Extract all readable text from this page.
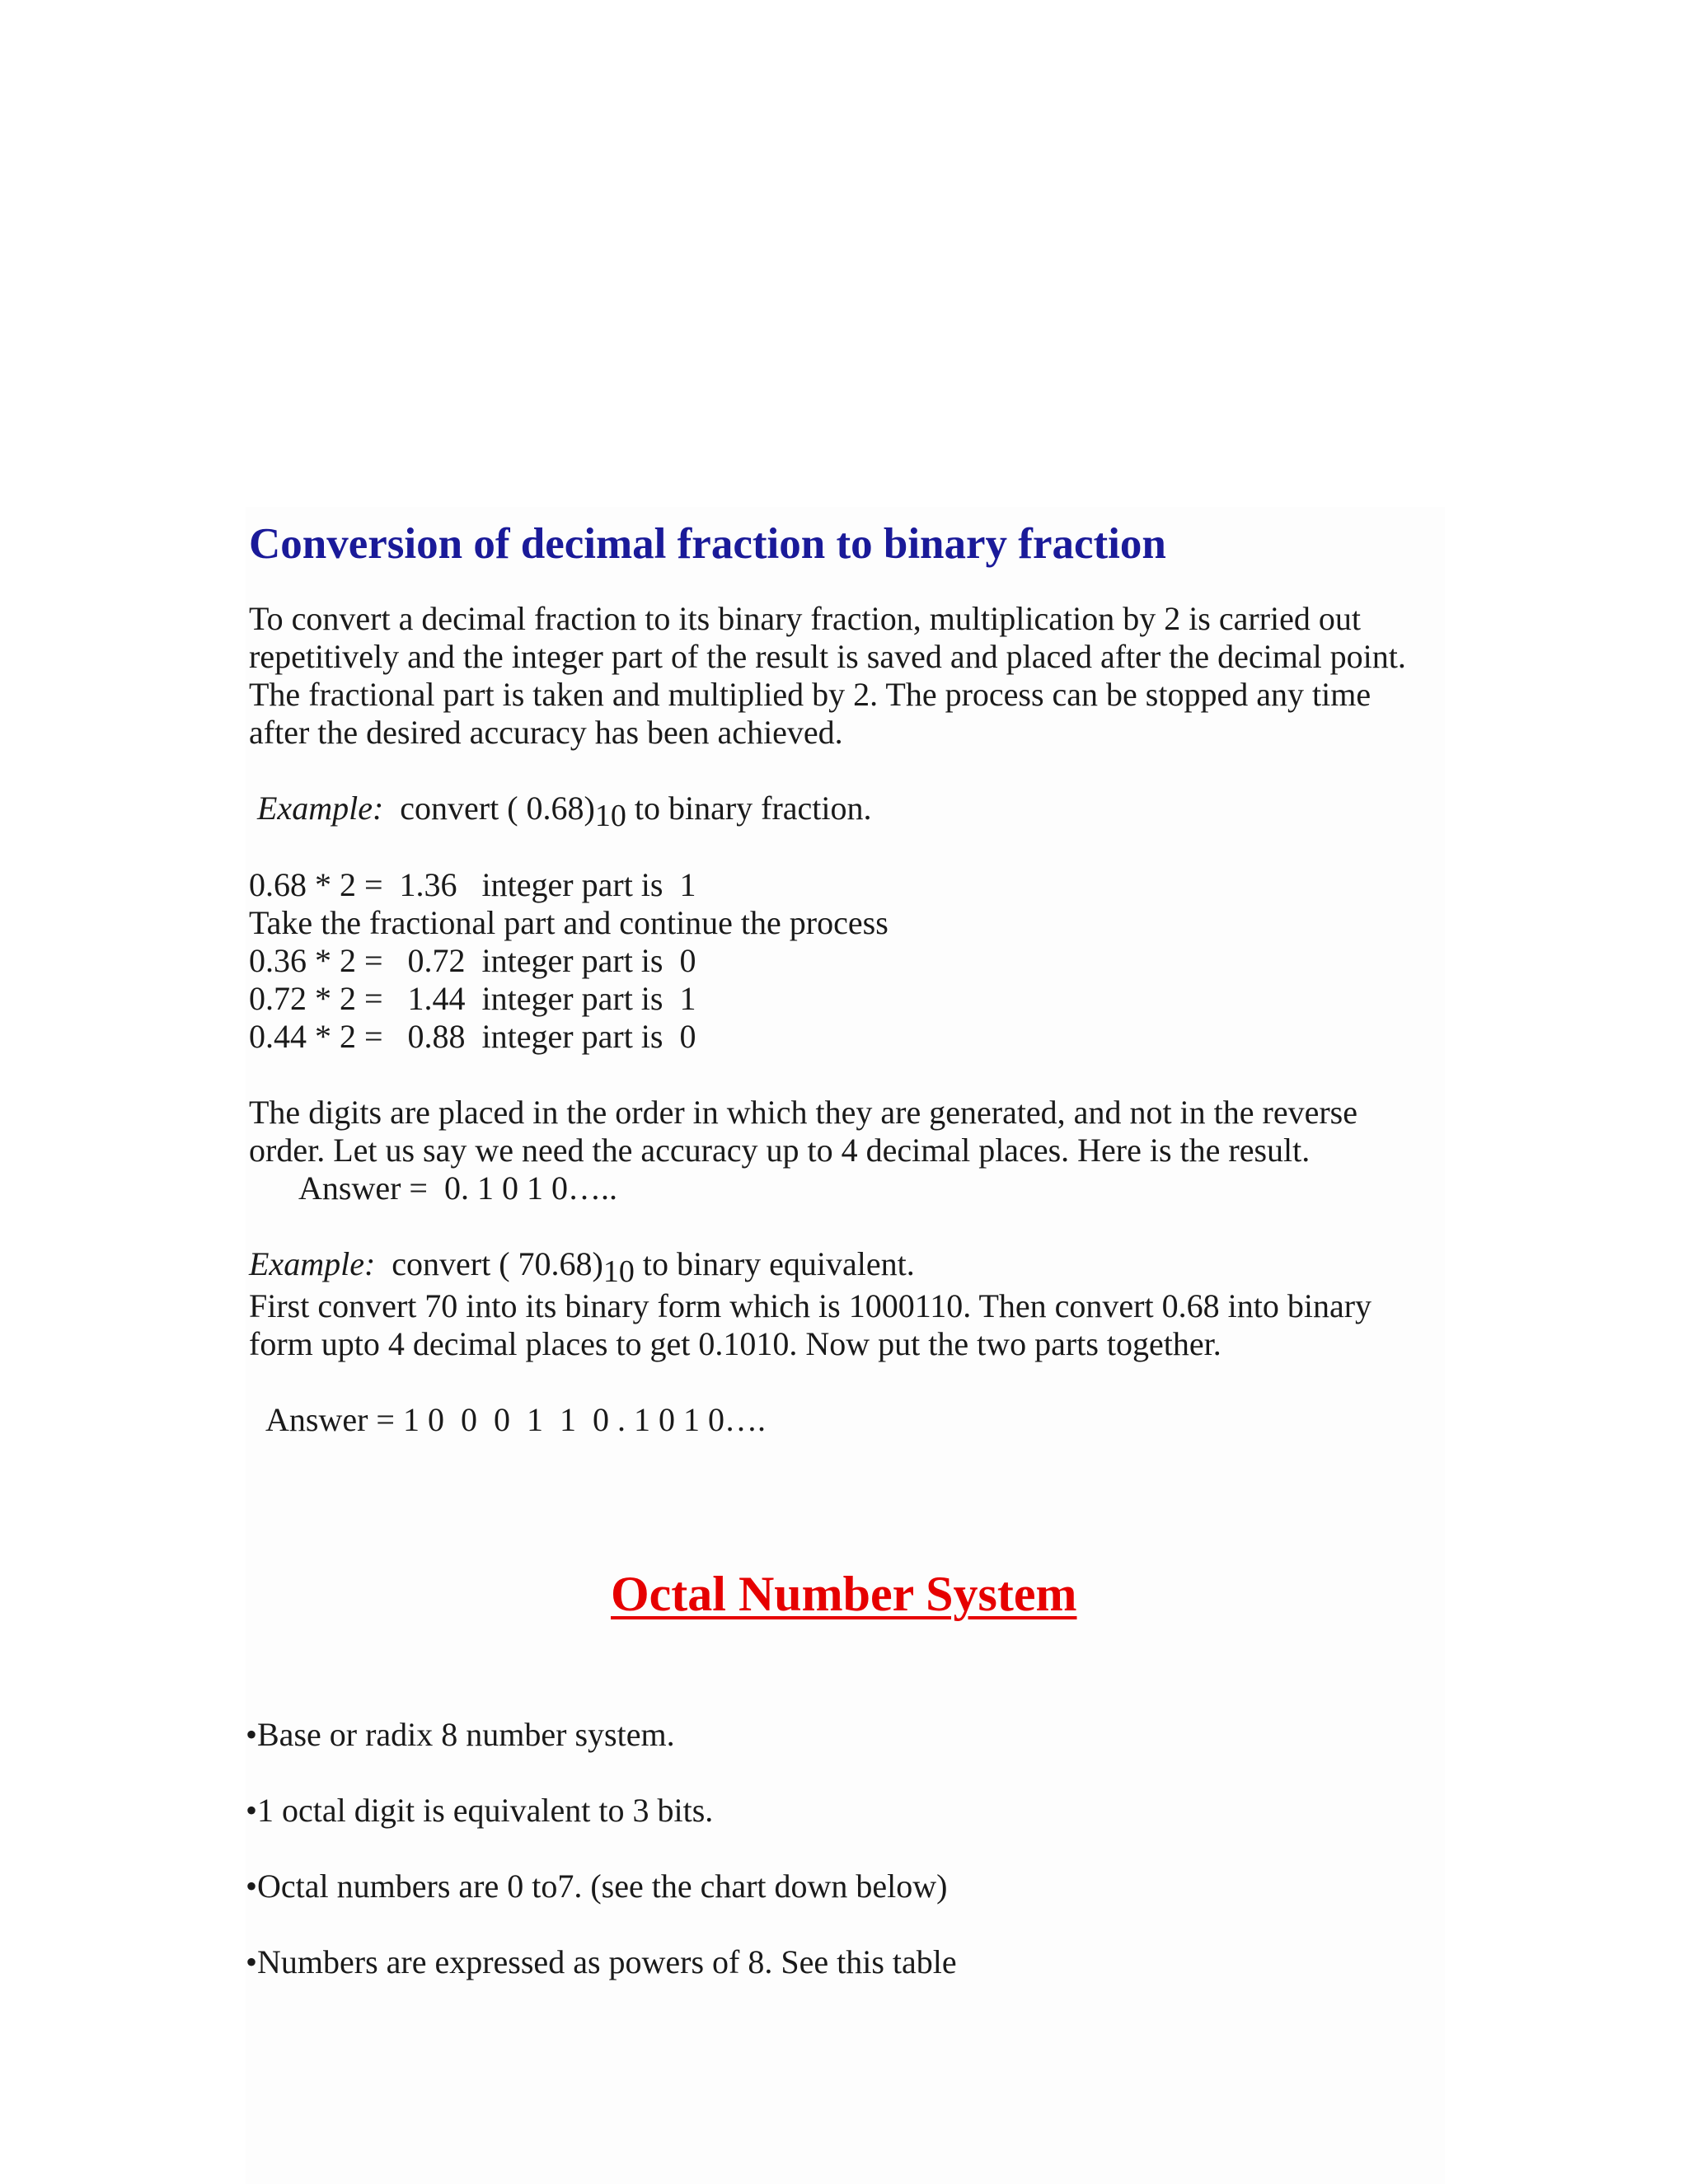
Conversion of decimal fraction to binary fraction

To convert a decimal fraction to its binary fraction, multiplication by 2 is carried out
repetitively and the integer part of the result is saved and placed after the decimal point.
The fractional part is taken and multiplied by 2. The process can be stopped any time
after the desired accuracy has been achieved.

Example: convert ( 0.68)10 to binary fraction.

0.68 * 2 =  1.36   integer part is  1
Take the fractional part and continue the process
0.36 * 2 =   0.72  integer part is  0
0.72 * 2 =   1.44  integer part is  1
0.44 * 2 =   0.88  integer part is  0

The digits are placed in the order in which they are generated, and not in the reverse
order. Let us say we need the accuracy up to 4 decimal places. Here is the result.
Answer =  0. 1 0 1 0…..

Example: convert ( 70.68)10 to binary equivalent.

First convert 70 into its binary form which is 1000110. Then convert 0.68 into binary
form upto 4 decimal places to get 0.1010. Now put the two parts together.

Answer = 1 0  0  0  1  1  0 . 1 0 1 0….

Octal Number System
•Base or radix 8 number system.
•1 octal digit is equivalent to 3 bits.
•Octal numbers are 0 to7. (see the chart down below)
•Numbers are expressed as powers of 8. See this table
